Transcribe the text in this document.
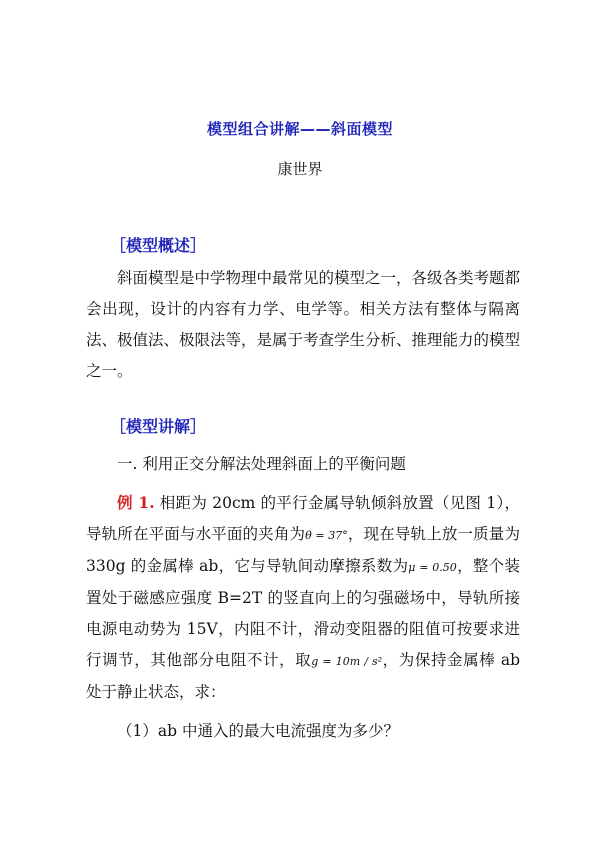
模型组合讲解——斜面模型
康世界
［模型概述］

斜面模型是中学物理中最常见的模型之一，各级各类考题都会出现，设计的内容有力学、电学等。相关方法有整体与隔离法、极值法、极限法等，是属于考查学生分析、推理能力的模型之一。

［模型讲解］
一. 利用正交分解法处理斜面上的平衡问题

例 1. 相距为 20cm 的平行金属导轨倾斜放置（见图 1），导轨所在平面与水平面的夹角为θ = 37°，现在导轨上放一质量为 330g 的金属棒 ab，它与导轨间动摩擦系数为μ = 0.50，整个装置处于磁感应强度 B=2T 的竖直向上的匀强磁场中，导轨所接电源电动势为 15V，内阻不计，滑动变阻器的阻值可按要求进行调节，其他部分电阻不计，取g = 10m / s²，为保持金属棒 ab 处于静止状态，求：

（1）ab 中通入的最大电流强度为多少？
